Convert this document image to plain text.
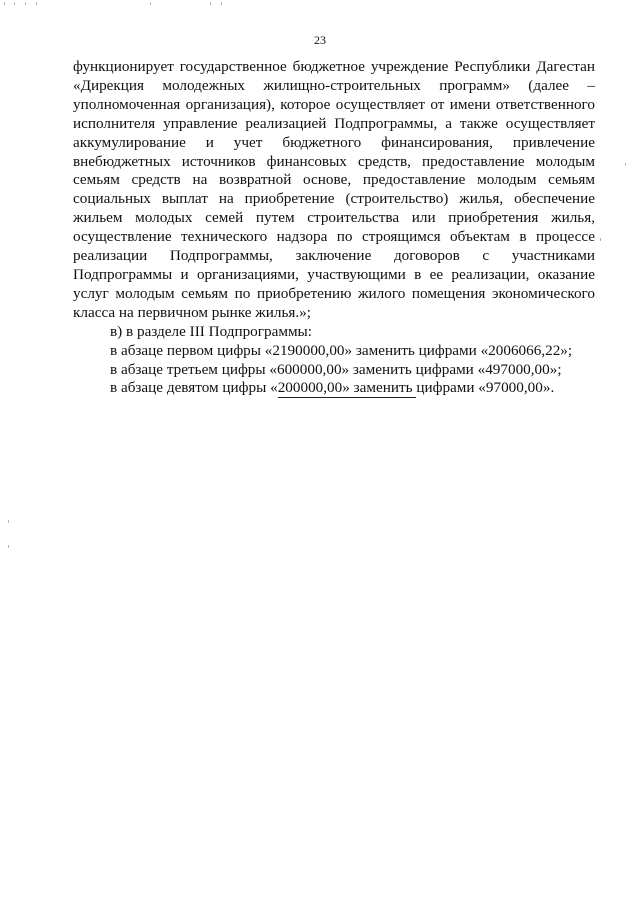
23
функционирует государственное бюджетное учреждение Республики Дагестан
«Дирекция молодежных жилищно-строительных программ» (далее –
уполномоченная организация), которое осуществляет от имени ответственного
исполнителя управление реализацией Подпрограммы, а также осуществляет
аккумулирование и учет бюджетного финансирования, привлечение
внебюджетных источников финансовых средств, предоставление молодым
семьям средств на возвратной основе, предоставление молодым семьям
социальных выплат на приобретение (строительство) жилья, обеспечение
жильем молодых семей путем строительства или приобретения жилья,
осуществление технического надзора по строящимся объектам в процессе
реализации Подпрограммы, заключение договоров с участниками
Подпрограммы и организациями, участвующими в ее реализации, оказание
услуг молодым семьям по приобретению жилого помещения экономического
класса на первичном рынке жилья.»;
в) в разделе III Подпрограммы:
в абзаце первом цифры «2190000,00» заменить цифрами «2006066,22»;
в абзаце третьем цифры «600000,00» заменить цифрами «497000,00»;
в абзаце девятом цифры «200000,00» заменить цифрами «97000,00».
